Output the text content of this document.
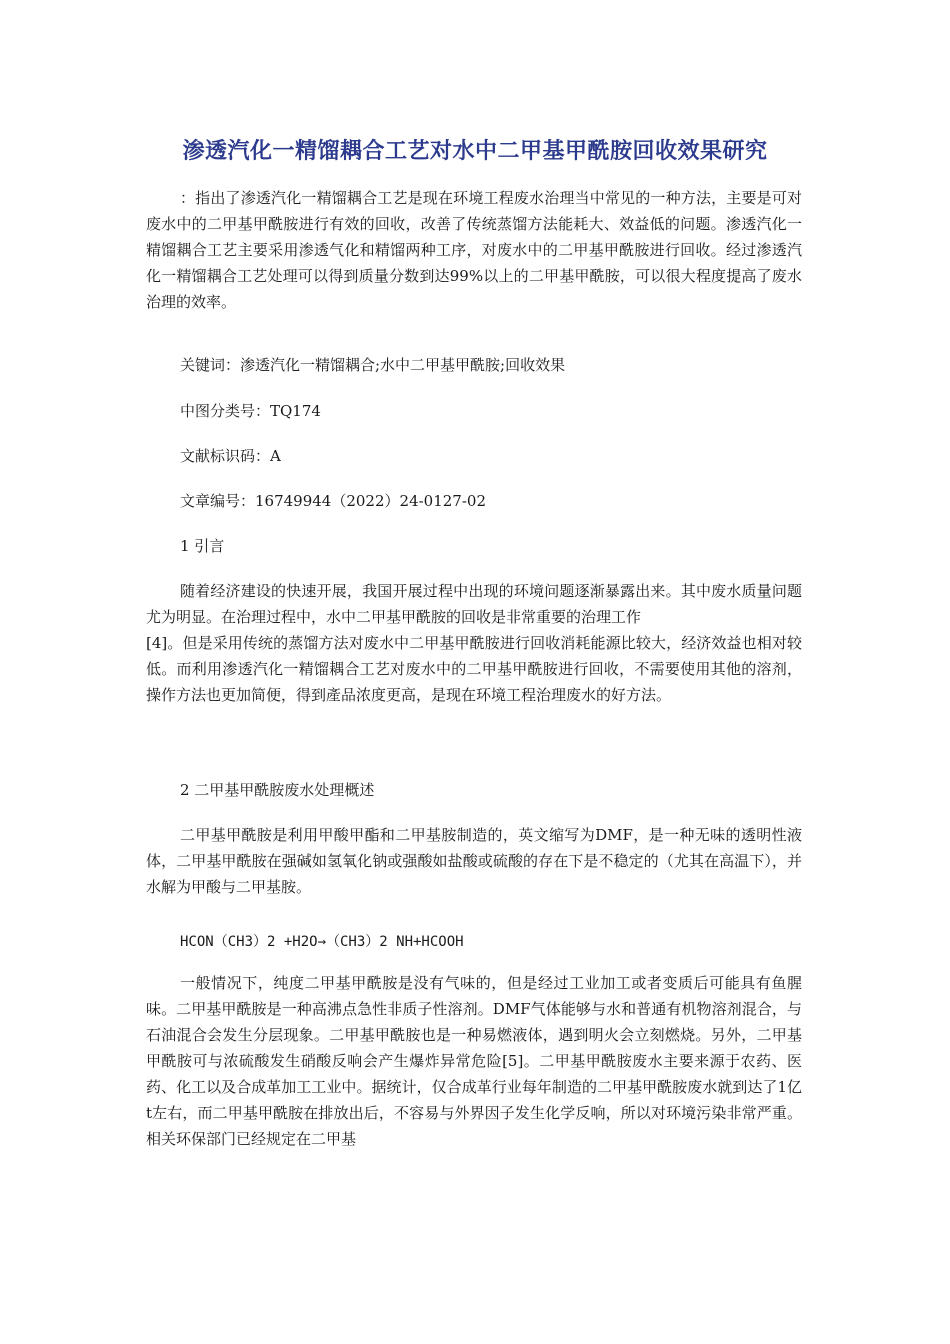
渗透汽化一精馏耦合工艺对水中二甲基甲酰胺回收效果研究

：指出了渗透汽化一精馏耦合工艺是现在环境工程废水治理当中常见的一种方法，主要是可对废水中的二甲基甲酰胺进行有效的回收，改善了传统蒸馏方法能耗大、效益低的问题。渗透汽化一精馏耦合工艺主要采用渗透气化和精馏两种工序，对废水中的二甲基甲酰胺进行回收。经过渗透汽化一精馏耦合工艺处理可以得到质量分数到达99%以上的二甲基甲酰胺，可以很大程度提高了废水治理的效率。

关键词：渗透汽化一精馏耦合;水中二甲基甲酰胺;回收效果
中图分类号：TQ174
文献标识码：A
文章编号：16749944（2022）24-0127-02
1 引言

随着经济建设的快速开展，我国开展过程中出现的环境问题逐渐暴露出来。其中废水质量问题尤为明显。在治理过程中，水中二甲基甲酰胺的回收是非常重要的治理工作

[4]。但是采用传统的蒸馏方法对废水中二甲基甲酰胺进行回收消耗能源比较大，经济效益也相对较低。而利用渗透汽化一精馏耦合工艺对废水中的二甲基甲酰胺进行回收，不需要使用其他的溶剂，操作方法也更加简便，得到產品浓度更高，是现在环境工程治理废水的好方法。

2 二甲基甲酰胺废水处理概述

二甲基甲酰胺是利用甲酸甲酯和二甲基胺制造的，英文缩写为DMF，是一种无味的透明性液体，二甲基甲酰胺在强碱如氢氧化钠或强酸如盐酸或硫酸的存在下是不稳定的（尤其在高温下），并水解为甲酸与二甲基胺。

HCON（CH3）2 +H2O→（CH3）2 NH+HCOOH

一般情况下，纯度二甲基甲酰胺是没有气味的，但是经过工业加工或者变质后可能具有鱼腥味。二甲基甲酰胺是一种高沸点急性非质子性溶剂。DMF气体能够与水和普通有机物溶剂混合，与石油混合会发生分层现象。二甲基甲酰胺也是一种易燃液体，遇到明火会立刻燃烧。另外，二甲基甲酰胺可与浓硫酸发生硝酸反响会产生爆炸异常危险[5]。二甲基甲酰胺废水主要来源于农药、医药、化工以及合成革加工工业中。据统计，仅合成革行业每年制造的二甲基甲酰胺废水就到达了1亿t左右，而二甲基甲酰胺在排放出后，不容易与外界因子发生化学反响，所以对环境污染非常严重。相关环保部门已经规定在二甲基
